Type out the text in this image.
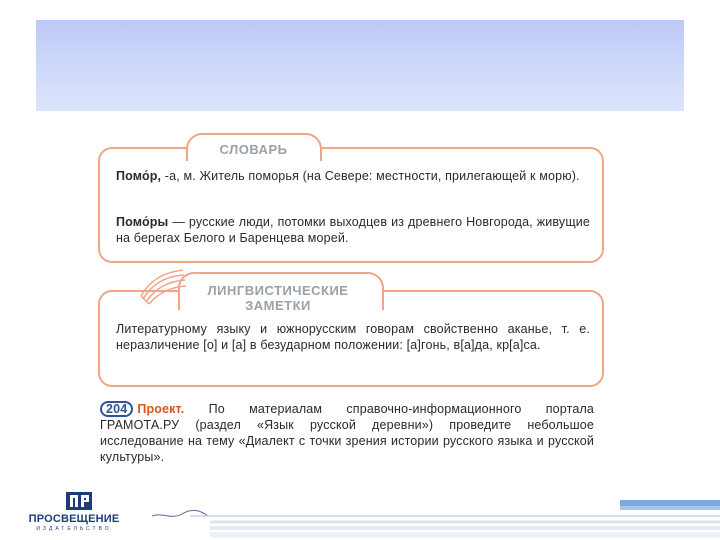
СЛОВАРЬ
Помо́р, -а, м. Житель поморья (на Севере: местности, прилегающей к морю).
Помо́ры — русские люди, потомки выходцев из древнего Новгорода, живущие на берегах Белого и Баренцева морей.
ЛИНГВИСТИЧЕСКИЕ ЗАМЕТКИ
Литературному языку и южнорусским говорам свойственно аканье, т. е. неразличение [о] и [а] в безударном положении: [а]гонь, в[а]да, кр[а]са.
204 Проект. По материалам справочно-информационного портала ГРАМОТА.РУ (раздел «Язык русской деревни») проведите небольшое исследование на тему «Диалект с точки зрения истории русского языка и русской культуры».
ПРОСВЕЩЕНИЕ
ИЗДАТЕЛЬСТВО
